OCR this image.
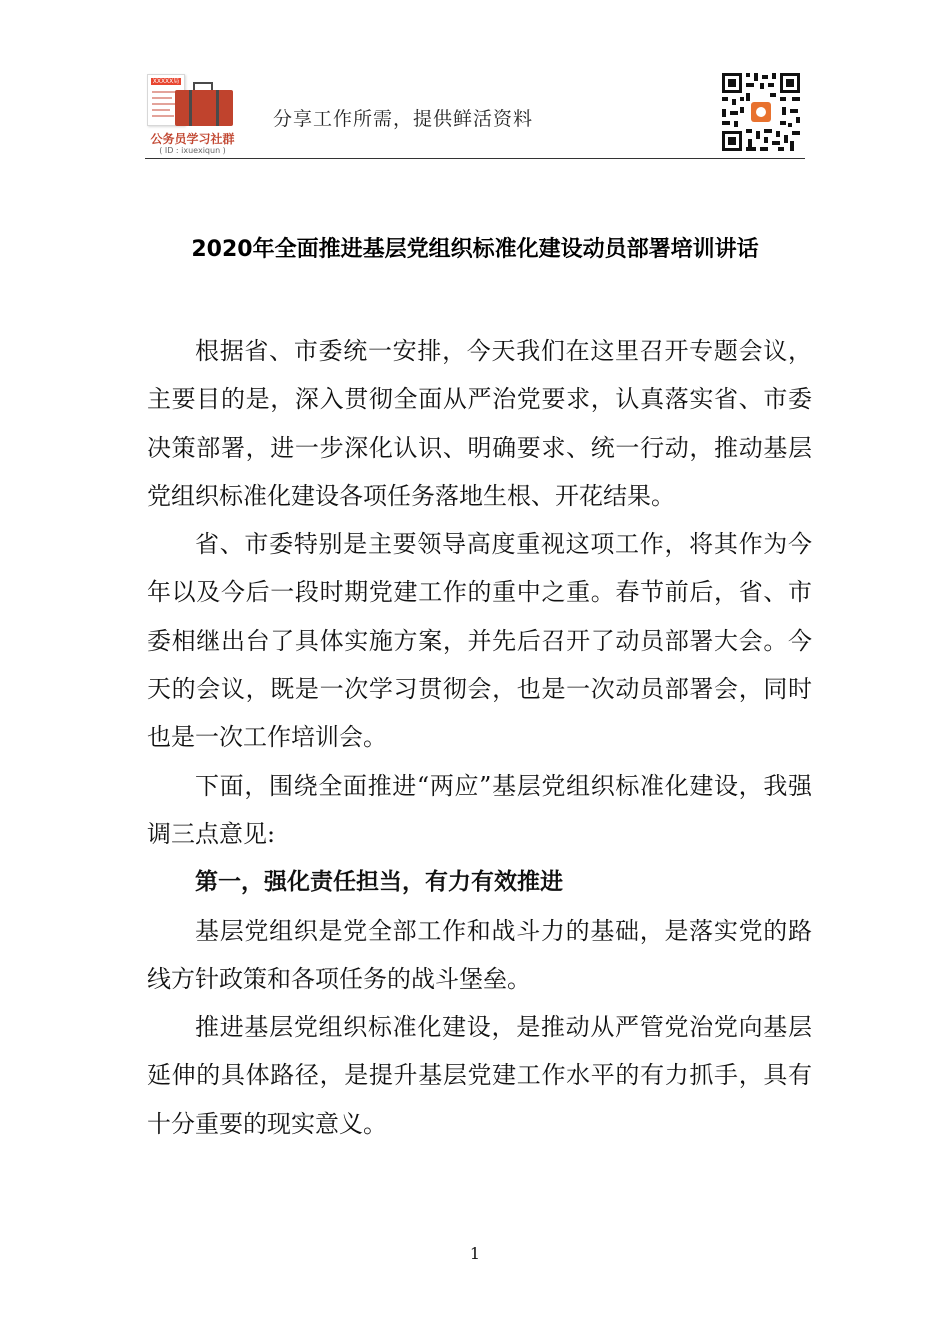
XXXXX局
公务员学习社群
( ID : ixuexiqun )
分享工作所需，提供鲜活资料
2020年全面推进基层党组织标准化建设动员部署培训讲话

根据省、市委统一安排，今天我们在这里召开专题会议，主要目的是，深入贯彻全面从严治党要求，认真落实省、市委决策部署，进一步深化认识、明确要求、统一行动，推动基层党组织标准化建设各项任务落地生根、开花结果。

省、市委特别是主要领导高度重视这项工作，将其作为今年以及今后一段时期党建工作的重中之重。春节前后，省、市委相继出台了具体实施方案，并先后召开了动员部署大会。今天的会议，既是一次学习贯彻会，也是一次动员部署会，同时也是一次工作培训会。

下面，围绕全面推进“两应”基层党组织标准化建设，我强调三点意见:

第一，强化责任担当，有力有效推进

基层党组织是党全部工作和战斗力的基础，是落实党的路线方针政策和各项任务的战斗堡垒。

推进基层党组织标准化建设，是推动从严管党治党向基层延伸的具体路径，是提升基层党建工作水平的有力抓手，具有十分重要的现实意义。

1
